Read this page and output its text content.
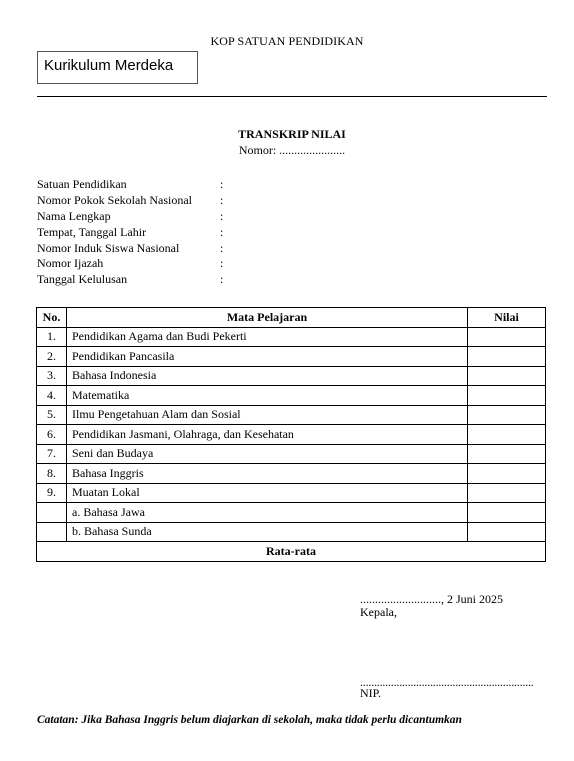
KOP SATUAN PENDIDIKAN
Kurikulum Merdeka
TRANSKRIP NILAI
Nomor: ......................
Satuan Pendidikan	:
Nomor Pokok Sekolah Nasional :
Nama Lengkap	:
Tempat, Tanggal Lahir	:
Nomor Induk Siswa Nasional	:
Nomor Ijazah	:
Tanggal Kelulusan	:
No.	Mata Pelajaran	Nilai
1.	Pendidikan Agama dan Budi Pekerti	
2.	Pendidikan Pancasila	
3.	Bahasa Indonesia	
4.	Matematika	
5.	Ilmu Pengetahuan Alam dan Sosial	
6.	Pendidikan Jasmani, Olahraga, dan Kesehatan	
7.	Seni dan Budaya	
8.	Bahasa Inggris	
9.	Muatan Lokal	
	a. Bahasa Jawa	
	b. Bahasa Sunda	
Rata-rata		
..........................., 2 Juni 2025
Kepala,
..............................................................
NIP.
Catatan: Jika Bahasa Inggris belum diajarkan di sekolah, maka tidak perlu dicantumkan
